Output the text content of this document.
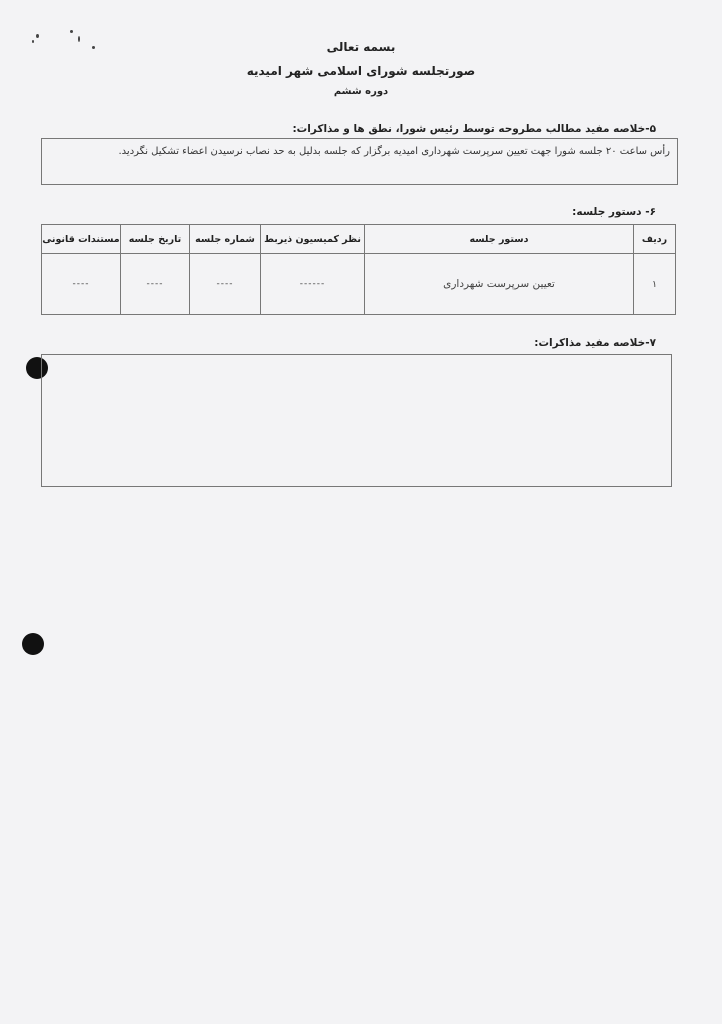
بسمه تعالی
صورتجلسه شورای اسلامی شهر امیدیه
دوره ششم
۵-خلاصه مفید مطالب مطروحه توسط رئیس شورا، نطق ها و مذاکرات:
رأس ساعت ۲۰ جلسه شورا جهت تعیین سرپرست شهرداری امیدیه برگزار که جلسه بدلیل به حد نصاب نرسیدن اعضاء تشکیل نگردید.
۶- دستور جلسه:
ردیف	دستور جلسه	نظر کمیسیون ذیربط	شماره جلسه	تاریخ جلسه	مستندات قانونی
۱	تعیین سرپرست شهرداری	------	----	----	----
۷-خلاصه مفید مذاکرات:
